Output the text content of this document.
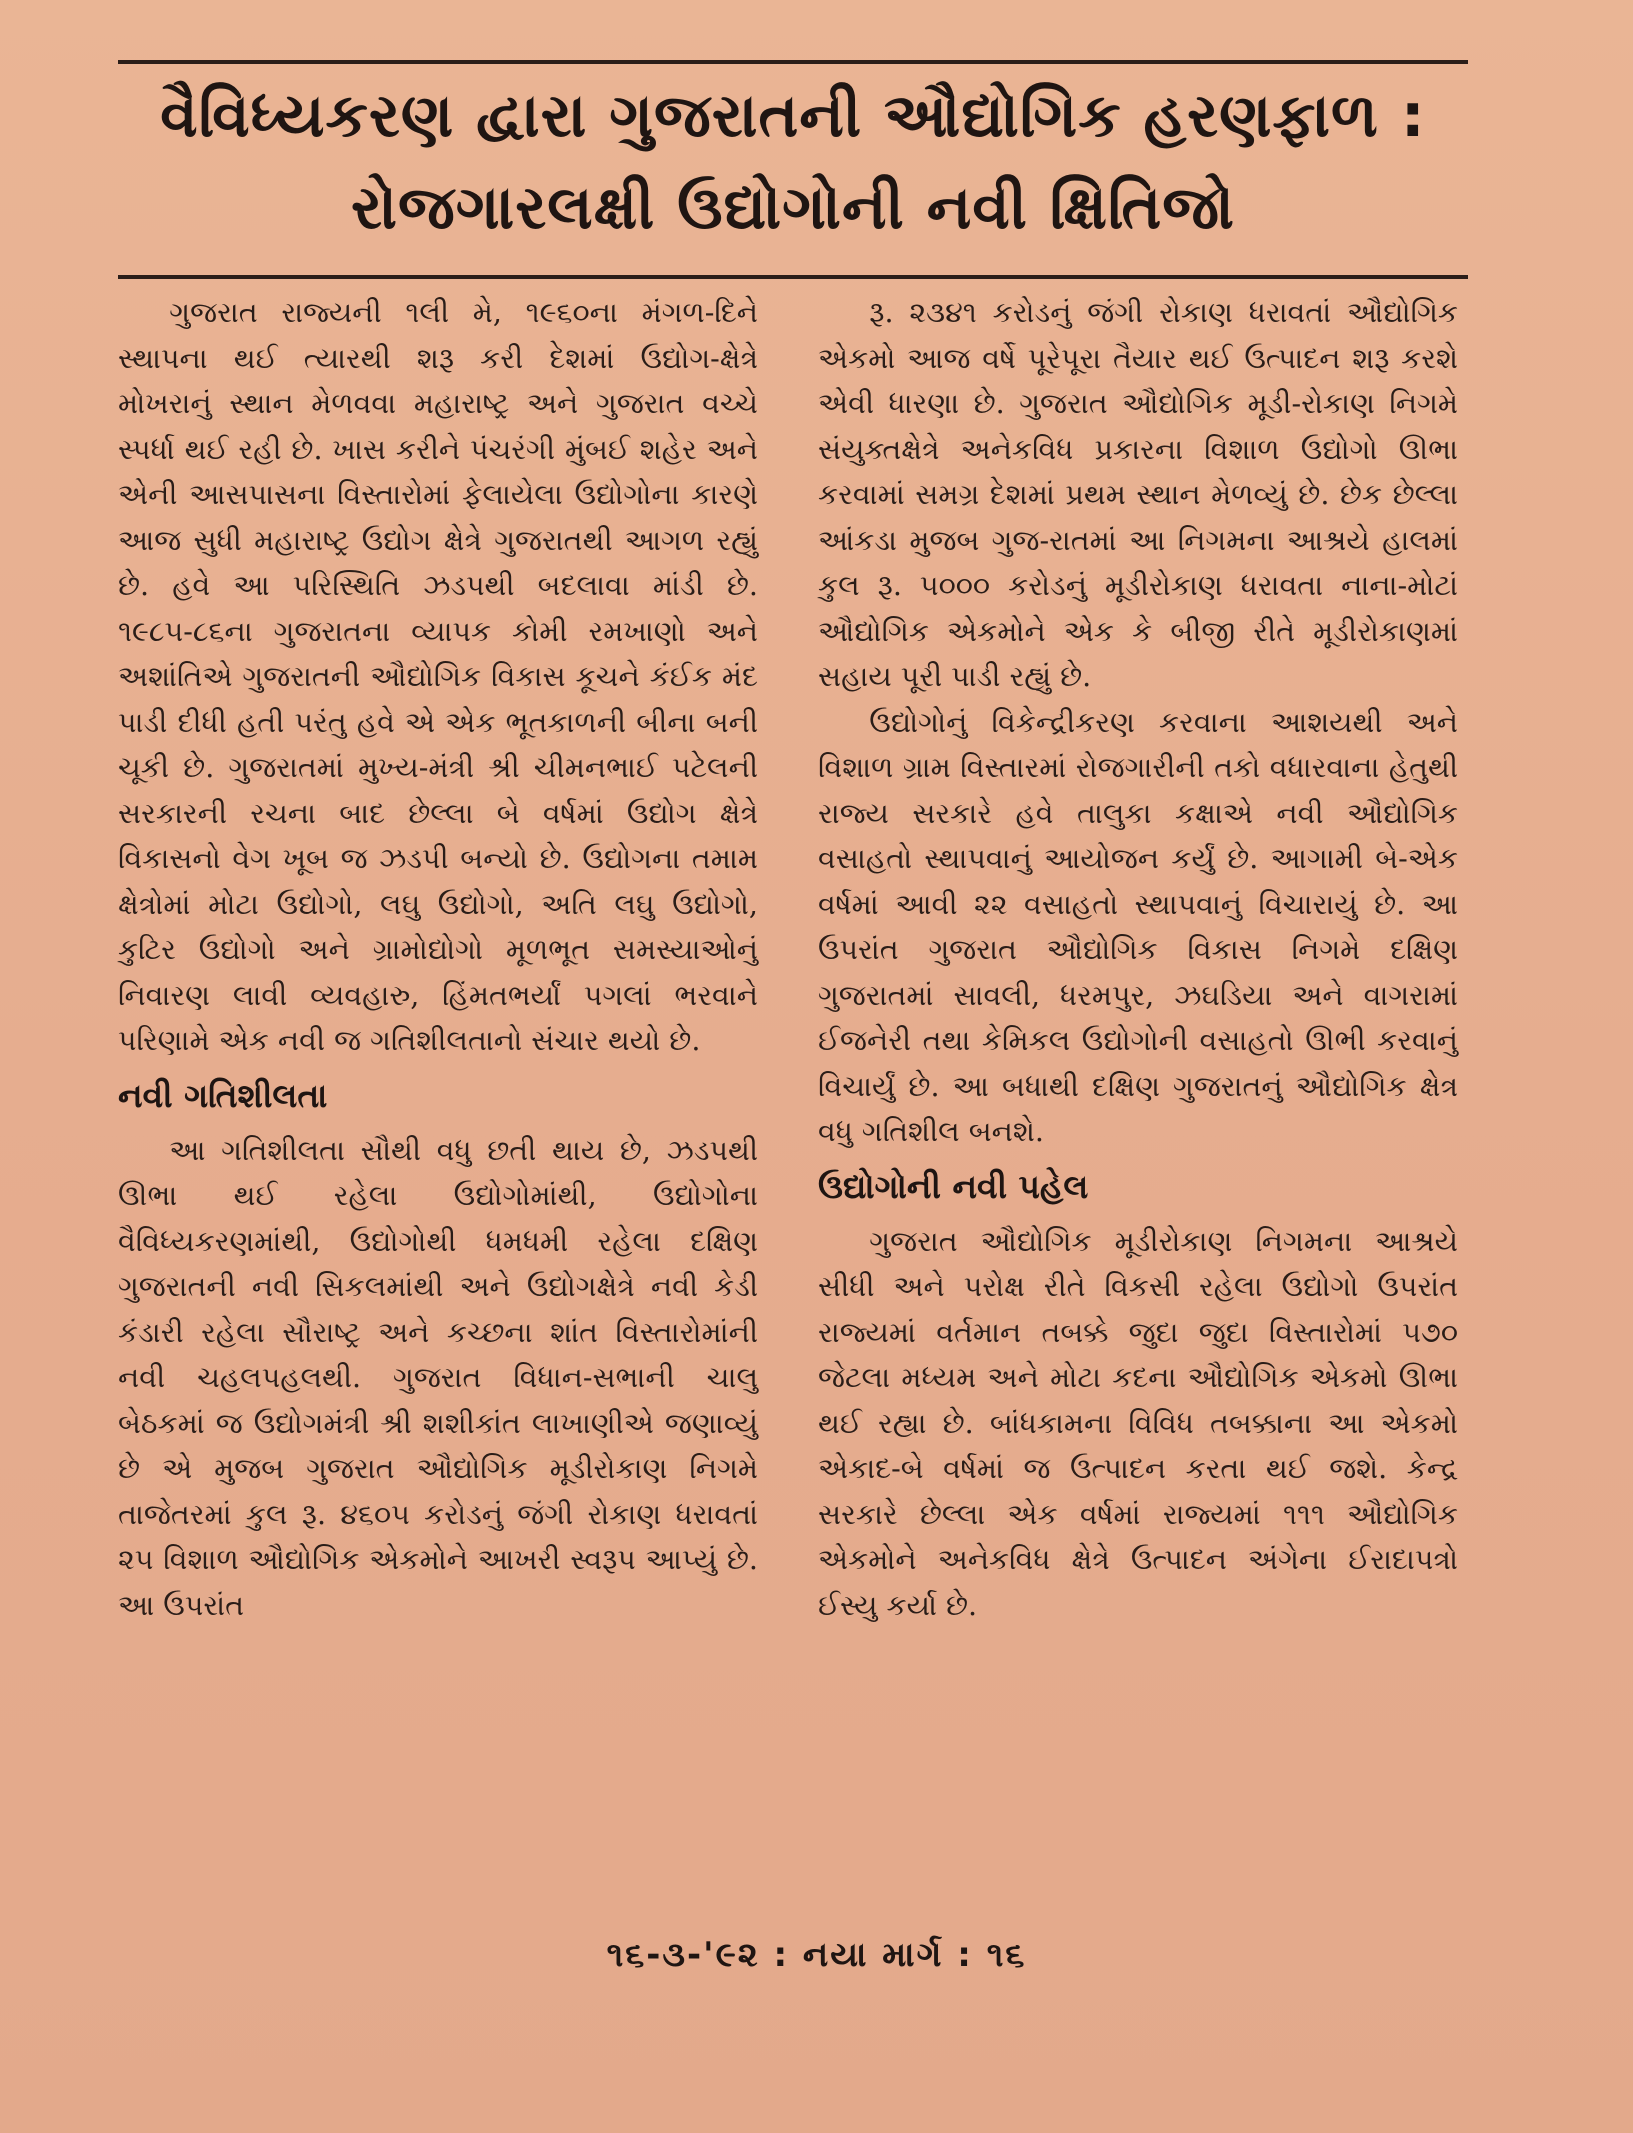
વૈવિધ્યકરણ દ્વારા ગુજરાતની ઔદ્યોગિક હરણફાળ :
રોજગારલક્ષી ઉદ્યોગોની નવી ક્ષિતિજો

ગુજરાત રાજ્યની ૧લી મે, ૧૯૬૦ના મંગળ-દિને સ્થાપના થઈ ત્યારથી શરૂ કરી દેશમાં ઉદ્યોગ-ક્ષેત્રે મોખરાનું સ્થાન મેળવવા મહારાષ્ટ્ર અને ગુજરાત વચ્ચે સ્પર્ધા થઈ રહી છે. ખાસ કરીને પંચરંગી મુંબઈ શહેર અને એની આસપાસના વિસ્તારોમાં ફેલાયેલા ઉદ્યોગોના કારણે આજ સુધી મહારાષ્ટ્ર ઉદ્યોગ ક્ષેત્રે ગુજરાતથી આગળ રહ્યું છે. હવે આ પરિસ્થિતિ ઝડપથી બદલાવા માંડી છે. ૧૯૮૫-૮૬ના ગુજરાતના વ્યાપક કોમી રમખાણો અને અશાંતિએ ગુજરાતની ઔદ્યોગિક વિકાસ કૂચને કંઈક મંદ પાડી દીધી હતી પરંતુ હવે એ એક ભૂતકાળની બીના બની ચૂકી છે. ગુજરાતમાં મુખ્ય-મંત્રી શ્રી ચીમનભાઈ પટેલની સરકારની રચના બાદ છેલ્લા બે વર્ષમાં ઉદ્યોગ ક્ષેત્રે વિકાસનો વેગ ખૂબ જ ઝડપી બન્યો છે. ઉદ્યોગના તમામ ક્ષેત્રોમાં મોટા ઉદ્યોગો, લઘુ ઉદ્યોગો, અતિ લઘુ ઉદ્યોગો, કુટિર ઉદ્યોગો અને ગ્રામોદ્યોગો મૂળભૂત સમસ્યાઓનું નિવારણ લાવી વ્યવહારુ, હિંમતભર્યાં પગલાં ભરવાને પરિણામે એક નવી જ ગતિશીલતાનો સંચાર થયો છે.

નવી ગતિશીલતા

આ ગતિશીલતા સૌથી વધુ છતી થાય છે, ઝડપથી ઊભા થઈ રહેલા ઉદ્યોગોમાંથી, ઉદ્યોગોના વૈવિધ્યકરણમાંથી, ઉદ્યોગોથી ધમધમી રહેલા દક્ષિણ ગુજરાતની નવી સિકલમાંથી અને ઉદ્યોગક્ષેત્રે નવી કેડી કંડારી રહેલા સૌરાષ્ટ્ર અને કચ્છના શાંત વિસ્તારોમાંની નવી ચહલપહલથી. ગુજરાત વિધાન-સભાની ચાલુ બેઠકમાં જ ઉદ્યોગમંત્રી શ્રી શશીકાંત લાખાણીએ જણાવ્યું છે એ મુજબ ગુજરાત ઔદ્યોગિક મૂડીરોકાણ નિગમે તાજેતરમાં કુલ રૂ. ૪૬૦૫ કરોડનું જંગી રોકાણ ધરાવતાં ૨૫ વિશાળ ઔદ્યોગિક એકમોને આખરી સ્વરૂપ આપ્યું છે. આ ઉપરાંત

રૂ. ૨૩૪૧ કરોડનું જંગી રોકાણ ધરાવતાં ઔદ્યોગિક એકમો આજ વર્ષે પૂરેપૂરા તૈયાર થઈ ઉત્પાદન શરૂ કરશે એવી ધારણા છે. ગુજરાત ઔદ્યોગિક મૂડી-રોકાણ નિગમે સંયુક્તક્ષેત્રે અનેકવિધ પ્રકારના વિશાળ ઉદ્યોગો ઊભા કરવામાં સમગ્ર દેશમાં પ્રથમ સ્થાન મેળવ્યું છે. છેક છેલ્લા આંકડા મુજબ ગુજ-રાતમાં આ નિગમના આશ્રયે હાલમાં કુલ રૂ. ૫૦૦૦ કરોડનું મૂડીરોકાણ ધરાવતા નાના-મોટાં ઔદ્યોગિક એકમોને એક કે બીજી રીતે મૂડીરોકાણમાં સહાય પૂરી પાડી રહ્યું છે.

ઉદ્યોગોનું વિકેન્દ્રીકરણ કરવાના આશયથી અને વિશાળ ગ્રામ વિસ્તારમાં રોજગારીની તકો વધારવાના હેતુથી રાજ્ય સરકારે હવે તાલુકા કક્ષાએ નવી ઔદ્યોગિક વસાહતો સ્થાપવાનું આયોજન કર્યું છે. આગામી બે-એક વર્ષમાં આવી ૨૨ વસાહતો સ્થાપવાનું વિચારાયું છે. આ ઉપરાંત ગુજરાત ઔદ્યોગિક વિકાસ નિગમે દક્ષિણ ગુજરાતમાં સાવલી, ધરમપુર, ઝઘડિયા અને વાગરામાં ઈજનેરી તથા કેમિકલ ઉદ્યોગોની વસાહતો ઊભી કરવાનું વિચાર્યું છે. આ બધાથી દક્ષિણ ગુજરાતનું ઔદ્યોગિક ક્ષેત્ર વધુ ગતિશીલ બનશે.

ઉદ્યોગોની નવી પહેલ

ગુજરાત ઔદ્યોગિક મૂડીરોકાણ નિગમના આશ્રયે સીધી અને પરોક્ષ રીતે વિકસી રહેલા ઉદ્યોગો ઉપરાંત રાજ્યમાં વર્તમાન તબક્કે જુદા જુદા વિસ્તારોમાં ૫૭૦ જેટલા મધ્યમ અને મોટા કદના ઔદ્યોગિક એકમો ઊભા થઈ રહ્યા છે. બાંધકામના વિવિધ તબક્કાના આ એકમો એકાદ-બે વર્ષમાં જ ઉત્પાદન કરતા થઈ જશે. કેન્દ્ર સરકારે છેલ્લા એક વર્ષમાં રાજ્યમાં ૧૧૧ ઔદ્યોગિક એકમોને અનેકવિધ ક્ષેત્રે ઉત્પાદન અંગેના ઈરાદાપત્રો ઈસ્યુ કર્યા છે.

૧૬-૩-'૯૨ : નયા માર્ગ : ૧૬
